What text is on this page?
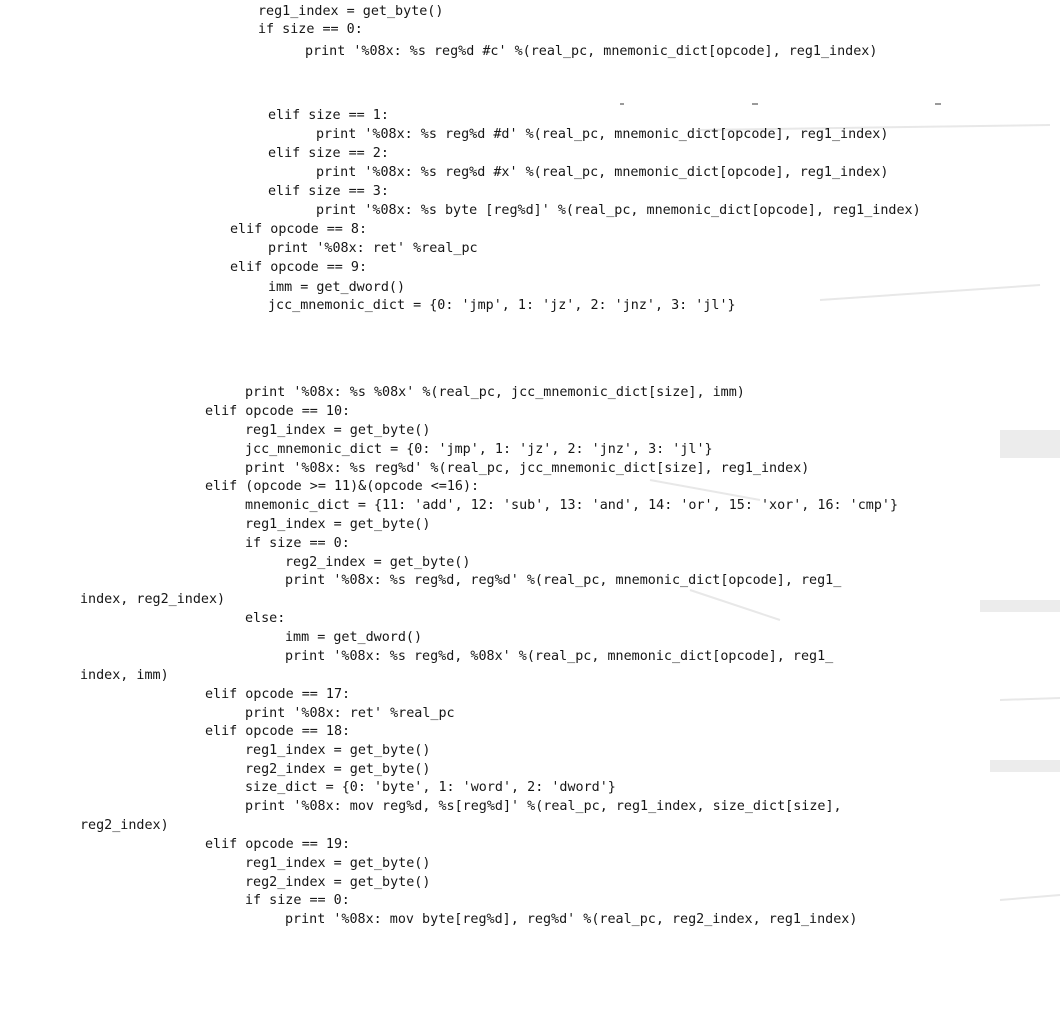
reg1_index = get_byte()
if size == 0:
print '%08x: %s reg%d #c' %(real_pc, mnemonic_dict[opcode], reg1_index)
elif size == 1:
print '%08x: %s reg%d #d' %(real_pc, mnemonic_dict[opcode], reg1_index)
elif size == 2:
print '%08x: %s reg%d #x' %(real_pc, mnemonic_dict[opcode], reg1_index)
elif size == 3:
print '%08x: %s byte [reg%d]' %(real_pc, mnemonic_dict[opcode], reg1_index)
elif opcode == 8:
print '%08x: ret' %real_pc
elif opcode == 9:
imm = get_dword()
jcc_mnemonic_dict = {0: 'jmp', 1: 'jz', 2: 'jnz', 3: 'jl'}
print '%08x: %s %08x' %(real_pc, jcc_mnemonic_dict[size], imm)
elif opcode == 10:
reg1_index = get_byte()
jcc_mnemonic_dict = {0: 'jmp', 1: 'jz', 2: 'jnz', 3: 'jl'}
print '%08x: %s reg%d' %(real_pc, jcc_mnemonic_dict[size], reg1_index)
elif (opcode >= 11)&(opcode <=16):
mnemonic_dict = {11: 'add', 12: 'sub', 13: 'and', 14: 'or', 15: 'xor', 16: 'cmp'}
reg1_index = get_byte()
if size == 0:
reg2_index = get_byte()
print '%08x: %s reg%d, reg%d' %(real_pc, mnemonic_dict[opcode], reg1_
index, reg2_index)
else:
imm = get_dword()
print '%08x: %s reg%d, %08x' %(real_pc, mnemonic_dict[opcode], reg1_
index, imm)
elif opcode == 17:
print '%08x: ret' %real_pc
elif opcode == 18:
reg1_index = get_byte()
reg2_index = get_byte()
size_dict = {0: 'byte', 1: 'word', 2: 'dword'}
print '%08x: mov reg%d, %s[reg%d]' %(real_pc, reg1_index, size_dict[size],
reg2_index)
elif opcode == 19:
reg1_index = get_byte()
reg2_index = get_byte()
if size == 0:
print '%08x: mov byte[reg%d], reg%d' %(real_pc, reg2_index, reg1_index)
